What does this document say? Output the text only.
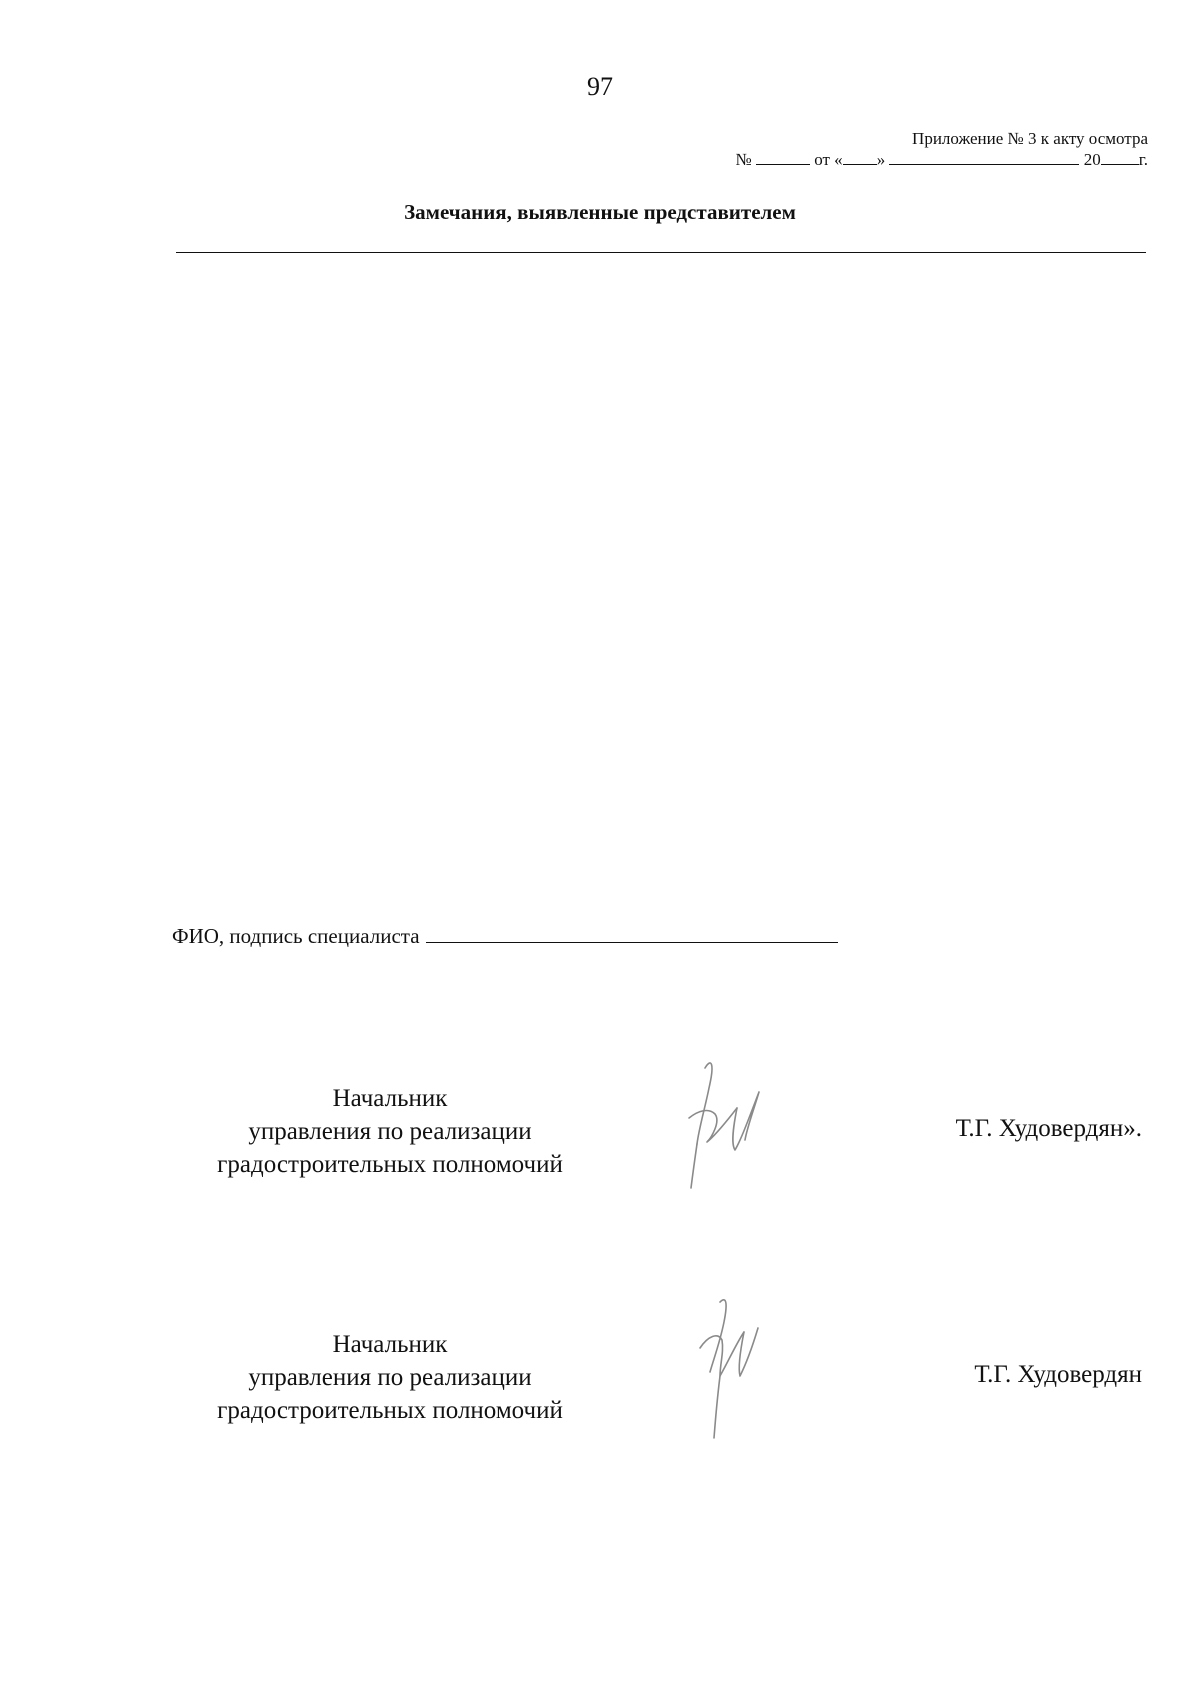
97
Приложение № 3 к акту осмотра
№	от « »	20 г.
Замечания, выявленные представителем
ФИО, подпись специалиста
Начальник
управления по реализации
градостроительных полномочий
Т.Г. Худовердян».
Начальник
управления по реализации
градостроительных полномочий
Т.Г. Худовердян
